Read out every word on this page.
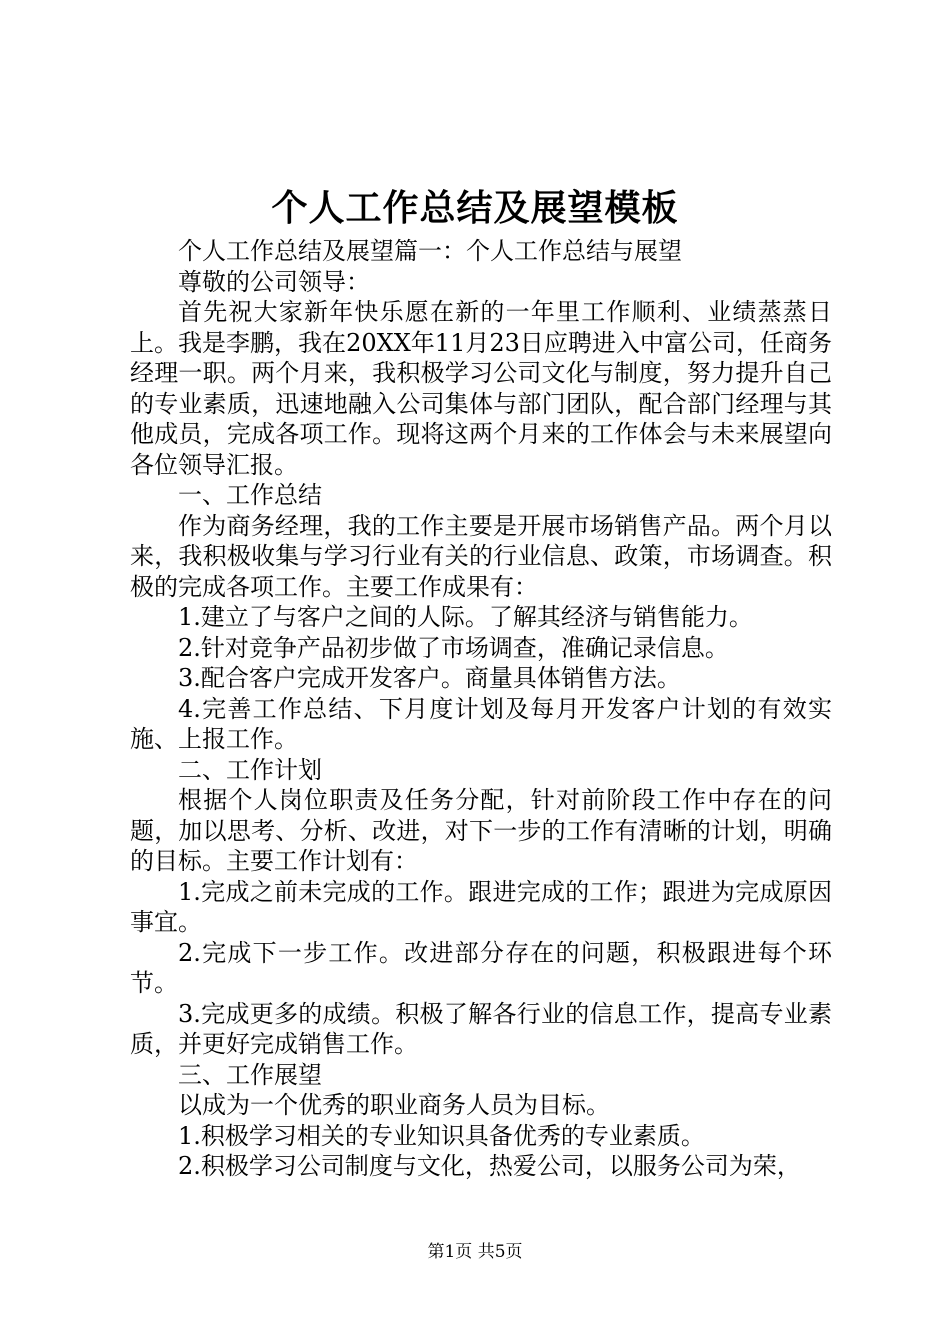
个人工作总结及展望模板

个人工作总结及展望篇一：个人工作总结与展望

尊敬的公司领导：

首先祝大家新年快乐愿在新的一年里工作顺利、业绩蒸蒸日上。我是李鹏，我在20XX年11月23日应聘进入中富公司，任商务经理一职。两个月来，我积极学习公司文化与制度，努力提升自己的专业素质，迅速地融入公司集体与部门团队，配合部门经理与其他成员，完成各项工作。现将这两个月来的工作体会与未来展望向各位领导汇报。

一、工作总结

作为商务经理，我的工作主要是开展市场销售产品。两个月以来，我积极收集与学习行业有关的行业信息、政策，市场调查。积极的完成各项工作。主要工作成果有：

1.建立了与客户之间的人际。了解其经济与销售能力。

2.针对竞争产品初步做了市场调查，准确记录信息。

3.配合客户完成开发客户。商量具体销售方法。

4.完善工作总结、下月度计划及每月开发客户计划的有效实施、上报工作。

二、工作计划

根据个人岗位职责及任务分配，针对前阶段工作中存在的问题，加以思考、分析、改进，对下一步的工作有清晰的计划，明确的目标。主要工作计划有：

1.完成之前未完成的工作。跟进完成的工作；跟进为完成原因事宜。

2.完成下一步工作。改进部分存在的问题，积极跟进每个环节。

3.完成更多的成绩。积极了解各行业的信息工作，提高专业素质，并更好完成销售工作。

三、工作展望

以成为一个优秀的职业商务人员为目标。

1.积极学习相关的专业知识具备优秀的专业素质。

2.积极学习公司制度与文化，热爱公司，以服务公司为荣，

第1页 共5页
